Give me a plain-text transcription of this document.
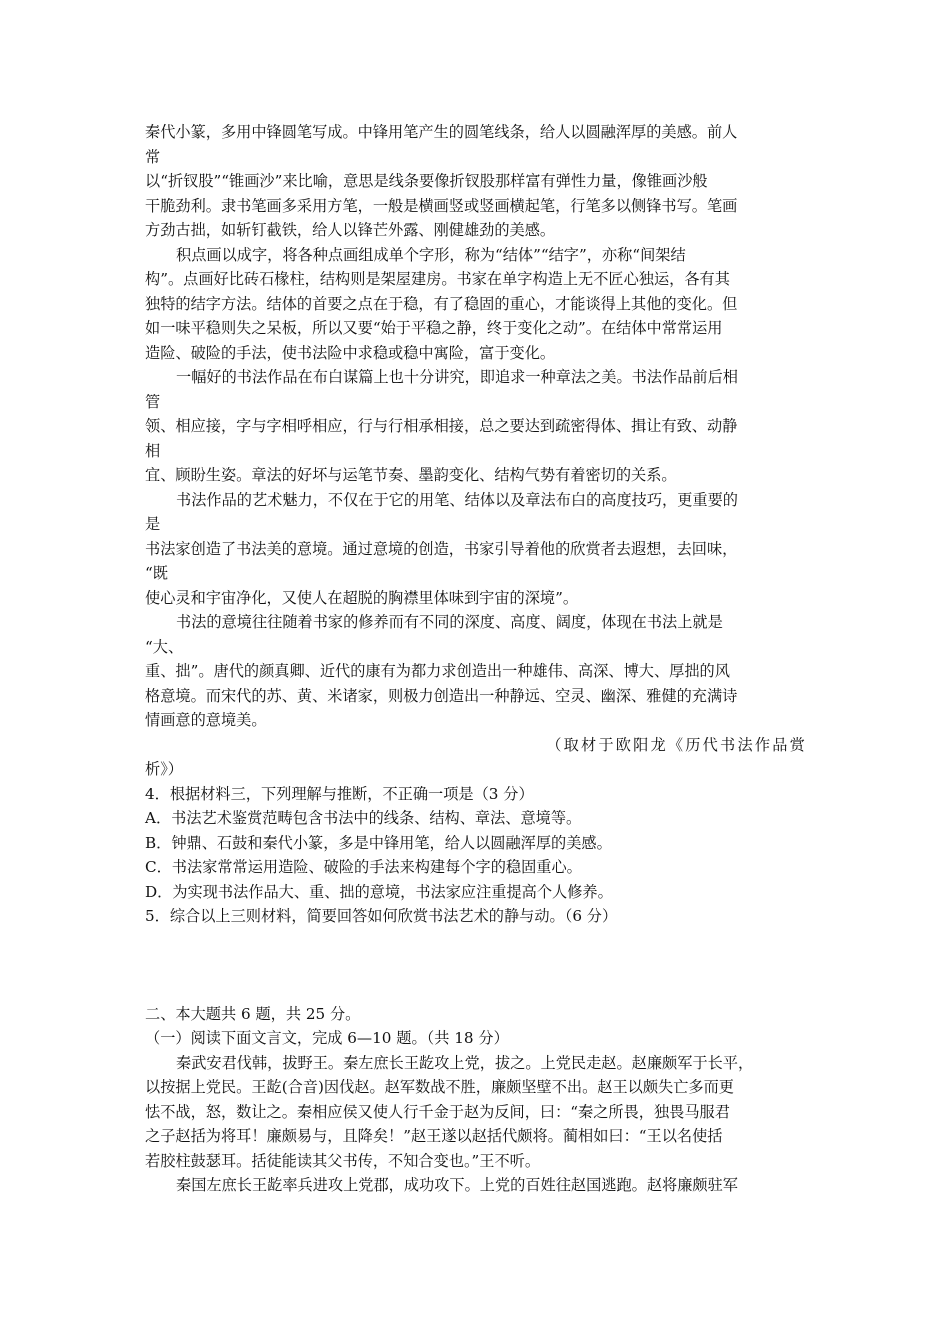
秦代小篆，多用中锋圆笔写成。中锋用笔产生的圆笔线条，给人以圆融浑厚的美感。前人
常
以“折钗股”“锥画沙”来比喻，意思是线条要像折钗股那样富有弹性力量，像锥画沙般
干脆劲利。隶书笔画多采用方笔，一般是横画竖或竖画横起笔，行笔多以侧锋书写。笔画
方劲古拙，如斩钉截铁，给人以锋芒外露、刚健雄劲的美感。
积点画以成字，将各种点画组成单个字形，称为“结体”“结字”，亦称“间架结
构”。点画好比砖石椽柱，结构则是架屋建房。书家在单字构造上无不匠心独运，各有其
独特的结字方法。结体的首要之点在于稳，有了稳固的重心，才能谈得上其他的变化。但
如一味平稳则失之呆板，所以又要“始于平稳之静，终于变化之动”。在结体中常常运用
造险、破险的手法，使书法险中求稳或稳中寓险，富于变化。
一幅好的书法作品在布白谋篇上也十分讲究，即追求一种章法之美。书法作品前后相
管
领、相应接，字与字相呼相应，行与行相承相接，总之要达到疏密得体、揖让有致、动静
相
宜、顾盼生姿。章法的好坏与运笔节奏、墨韵变化、结构气势有着密切的关系。
书法作品的艺术魅力，不仅在于它的用笔、结体以及章法布白的高度技巧，更重要的
是
书法家创造了书法美的意境。通过意境的创造，书家引导着他的欣赏者去遐想，去回味，
“既
使心灵和宇宙净化，又使人在超脱的胸襟里体味到宇宙的深境”。
书法的意境往往随着书家的修养而有不同的深度、高度、阔度，体现在书法上就是
“大、
重、拙”。唐代的颜真卿、近代的康有为都力求创造出一种雄伟、高深、博大、厚拙的风
格意境。而宋代的苏、黄、米诸家，则极力创造出一种静远、空灵、幽深、雅健的充满诗
情画意的意境美。
（取材于欧阳龙《历代书法作品赏
析》）
4．根据材料三，下列理解与推断，不正确一项是（3 分）
A．书法艺术鉴赏范畴包含书法中的线条、结构、章法、意境等。
B．钟鼎、石鼓和秦代小篆，多是中锋用笔，给人以圆融浑厚的美感。
C．书法家常常运用造险、破险的手法来构建每个字的稳固重心。
D．为实现书法作品大、重、拙的意境，书法家应注重提高个人修养。
5．综合以上三则材料，简要回答如何欣赏书法艺术的静与动。（6 分）
二、本大题共 6 题，共 25 分。
（一）阅读下面文言文，完成 6—10 题。（共 18 分）
秦武安君伐韩，拔野王。秦左庶长王龁攻上党，拔之。上党民走赵。赵廉颇军于长平，
以按据上党民。王龁(合音)因伐赵。赵军数战不胜，廉颇坚壁不出。赵王以颇失亡多而更
怯不战，怒，数让之。秦相应侯又使人行千金于赵为反间，曰：“秦之所畏，独畏马服君
之子赵括为将耳！廉颇易与，且降矣！”赵王遂以赵括代颇将。蔺相如曰：“王以名使括
若胶柱鼓瑟耳。括徒能读其父书传，不知合变也。”王不听。
秦国左庶长王龁率兵进攻上党郡，成功攻下。上党的百姓往赵国逃跑。赵将廉颇驻军
